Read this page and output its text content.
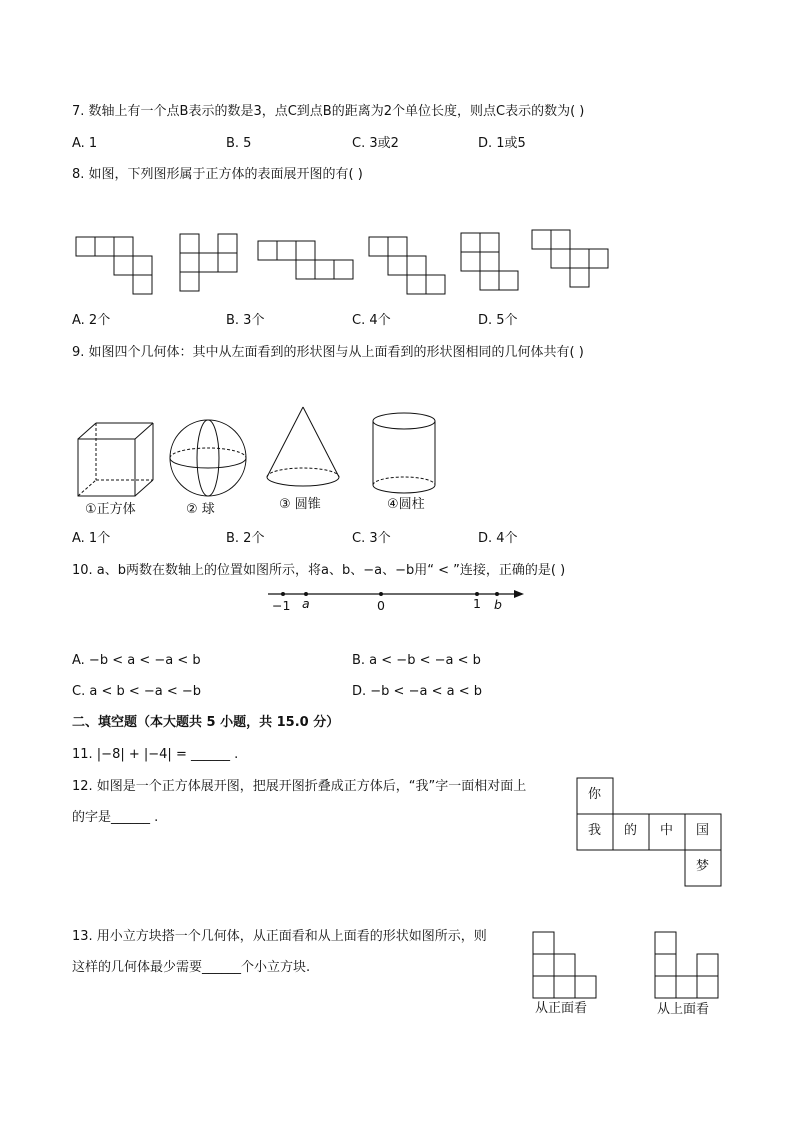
7. 数轴上有一个点B表示的数是3，点C到点B的距离为2个单位长度，则点C表示的数为( )
A. 1	B. 5	C. 3或2	D. 1或5
8. 如图，下列图形属于正方体的表面展开图的有( )
A. 2个	B. 3个	C. 4个	D. 5个
9. 如图四个几何体：其中从左面看到的形状图与从上面看到的形状图相同的几何体共有( )
①正方体	② 球	③ 圆锥	④圆柱
A. 1个	B. 2个	C. 3个	D. 4个
10. a、b两数在数轴上的位置如图所示，将a、b、−a、−b用“ < ”连接，正确的是( )
−1 a	0	1 b
A. −b < a < −a < b	B. a < −b < −a < b
C. a < b < −a < −b	D. −b < −a < a < b
二、填空题（本大题共 5 小题，共 15.0 分）
11. |−8| + |−4| = ______ .
12. 如图是一个正方体展开图，把展开图折叠成正方体后，“我”字一面相对面上
的字是______ .
你
我 的 中 国
梦
13. 用小立方块搭一个几何体，从正面看和从上面看的形状如图所示，则
这样的几何体最少需要______个小立方块.
从正面看	从上面看
